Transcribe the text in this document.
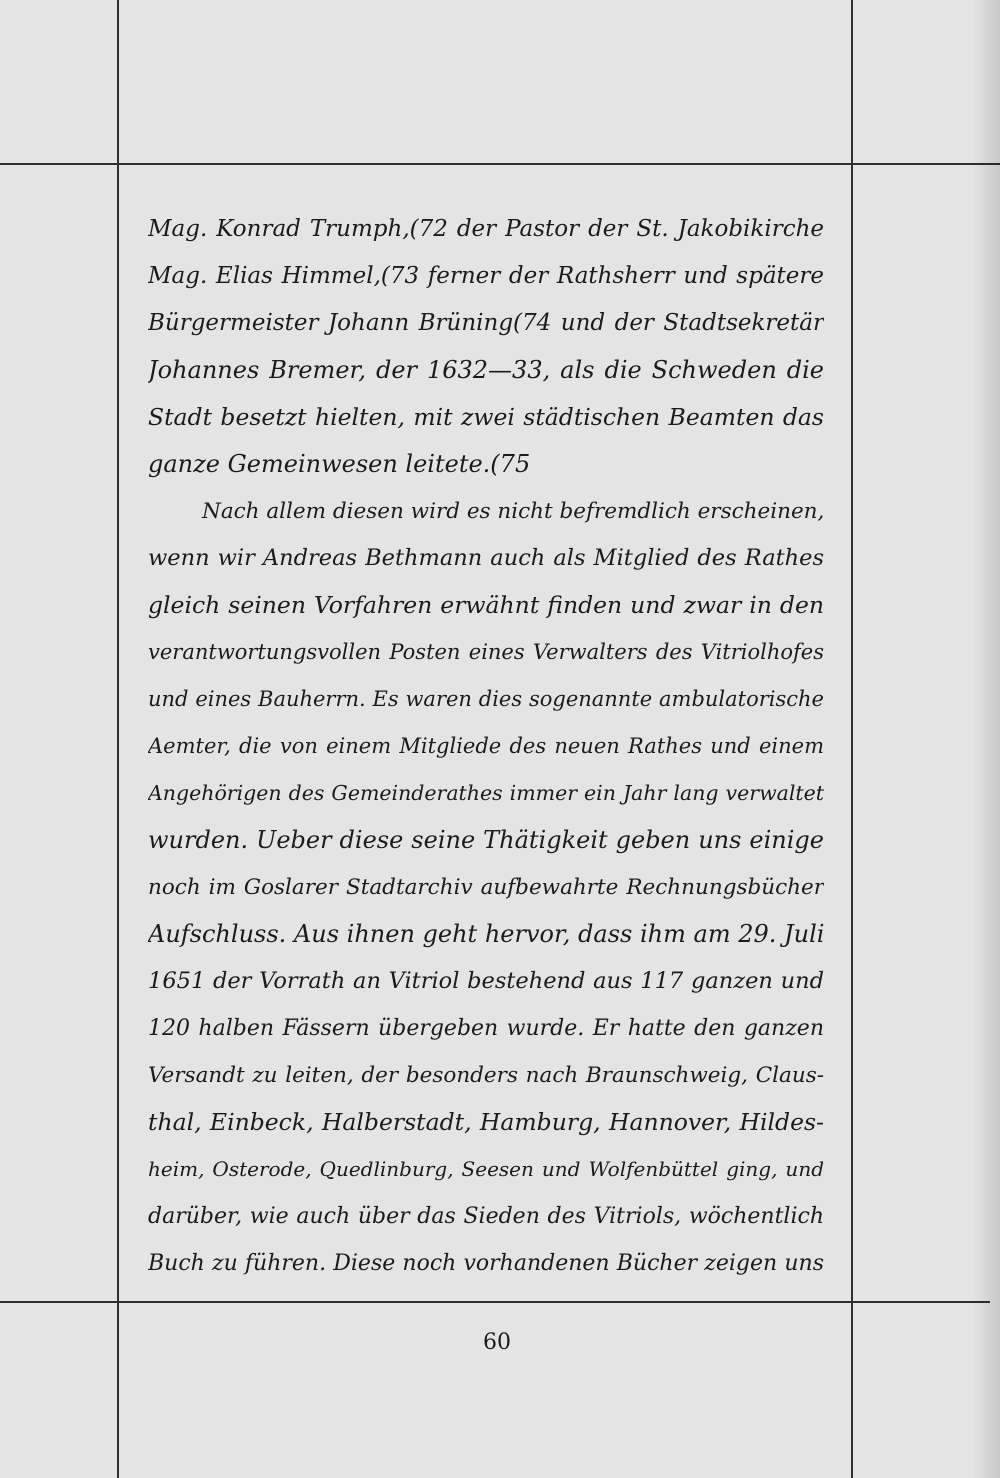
Mag. Konrad Trumph,(72 der Pastor der St. Jakobikirche
Mag. Elias Himmel,(73 ferner der Rathsherr und spätere
Bürgermeister Johann Brüning(74 und der Stadtsekretär
Johannes Bremer, der 1632—33, als die Schweden die
Stadt besetzt hielten, mit zwei städtischen Beamten das
ganze Gemeinwesen leitete.(75
Nach allem diesen wird es nicht befremdlich erscheinen,
wenn wir Andreas Bethmann auch als Mitglied des Rathes
gleich seinen Vorfahren erwähnt finden und zwar in den
verantwortungsvollen Posten eines Verwalters des Vitriolhofes
und eines Bauherrn. Es waren dies sogenannte ambulatorische
Aemter, die von einem Mitgliede des neuen Rathes und einem
Angehörigen des Gemeinderathes immer ein Jahr lang verwaltet
wurden. Ueber diese seine Thätigkeit geben uns einige
noch im Goslarer Stadtarchiv aufbewahrte Rechnungsbücher
Aufschluss. Aus ihnen geht hervor, dass ihm am 29. Juli
1651 der Vorrath an Vitriol bestehend aus 117 ganzen und
120 halben Fässern übergeben wurde. Er hatte den ganzen
Versandt zu leiten, der besonders nach Braunschweig, Claus-
thal, Einbeck, Halberstadt, Hamburg, Hannover, Hildes-
heim, Osterode, Quedlinburg, Seesen und Wolfenbüttel ging, und
darüber, wie auch über das Sieden des Vitriols, wöchentlich
Buch zu führen. Diese noch vorhandenen Bücher zeigen uns
60
